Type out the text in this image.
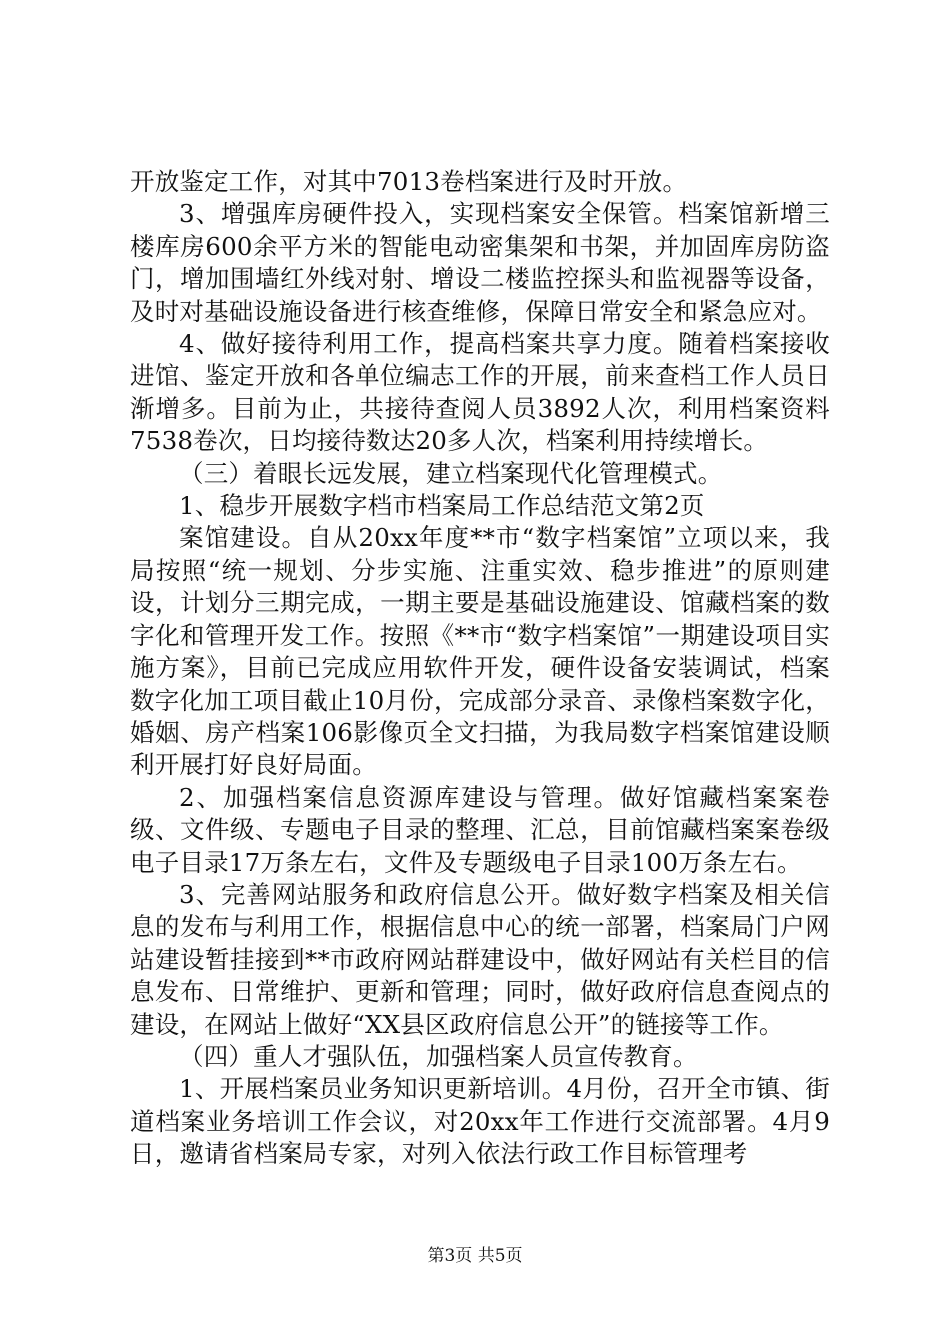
开放鉴定工作，对其中7013卷档案进行及时开放。

3、增强库房硬件投入，实现档案安全保管。档案馆新增三楼库房600余平方米的智能电动密集架和书架，并加固库房防盗门，增加围墙红外线对射、增设二楼监控探头和监视器等设备，及时对基础设施设备进行核查维修，保障日常安全和紧急应对。

4、做好接待利用工作，提高档案共享力度。随着档案接收进馆、鉴定开放和各单位编志工作的开展，前来查档工作人员日渐增多。目前为止，共接待查阅人员3892人次，利用档案资料7538卷次，日均接待数达20多人次，档案利用持续增长。

（三）着眼长远发展，建立档案现代化管理模式。

1、稳步开展数字档市档案局工作总结范文第2页

案馆建设。自从20xx年度**市“数字档案馆”立项以来，我局按照“统一规划、分步实施、注重实效、稳步推进”的原则建设，计划分三期完成，一期主要是基础设施建设、馆藏档案的数字化和管理开发工作。按照《**市“数字档案馆”一期建设项目实施方案》，目前已完成应用软件开发，硬件设备安装调试，档案数字化加工项目截止10月份，完成部分录音、录像档案数字化，婚姻、房产档案106影像页全文扫描，为我局数字档案馆建设顺利开展打好良好局面。

2、加强档案信息资源库建设与管理。做好馆藏档案案卷级、文件级、专题电子目录的整理、汇总，目前馆藏档案案卷级电子目录17万条左右，文件及专题级电子目录100万条左右。

3、完善网站服务和政府信息公开。做好数字档案及相关信息的发布与利用工作，根据信息中心的统一部署，档案局门户网站建设暂挂接到**市政府网站群建设中，做好网站有关栏目的信息发布、日常维护、更新和管理；同时，做好政府信息查阅点的建设，在网站上做好“XX县区政府信息公开”的链接等工作。

（四）重人才强队伍，加强档案人员宣传教育。

1、开展档案员业务知识更新培训。4月份，召开全市镇、街道档案业务培训工作会议，对20xx年工作进行交流部署。4月9日，邀请省档案局专家，对列入依法行政工作目标管理考

第3页 共5页
